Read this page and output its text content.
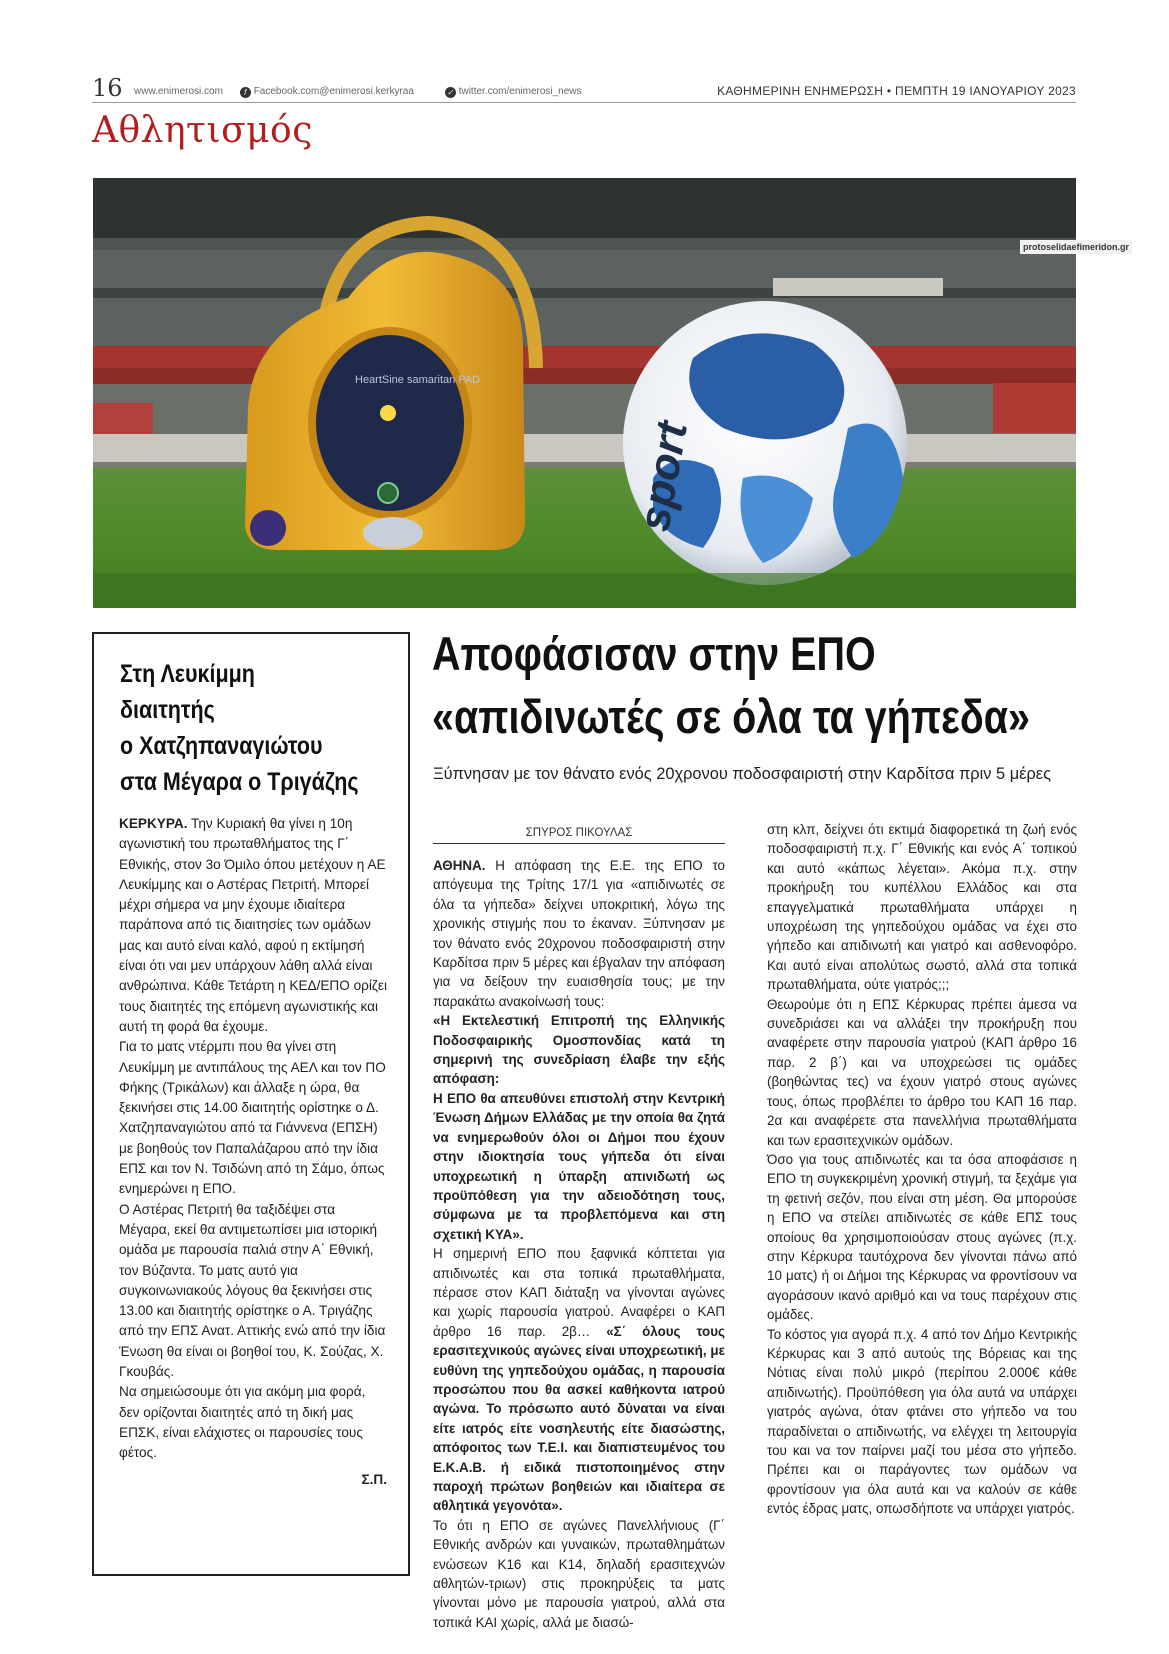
16 www.enimerosi.com	f Facebook.com@enimerosi.kerkyraa	✓ twitter.com/enimerosi_news	ΚΑΘΗΜΕΡΙΝΗ ΕΝΗΜΕΡΩΣΗ • ΠΕΜΠΤΗ 19 ΙΑΝΟΥΑΡΙΟΥ 2023
Αθλητισμός
HeartSine samaritan PAD
sport
protoselidaefimeridon.gr
Στη Λευκίμμη
διαιτητής
ο Χατζηπαναγιώτου
στα Μέγαρα ο Τριγάζης

ΚΕΡΚΥΡΑ. Την Κυριακή θα γίνει η 10η αγωνιστική του πρωταθλήματος της Γ΄ Εθνικής, στον 3ο Όμιλο όπου μετέχουν η ΑΕ Λευκίμμης και ο Αστέρας Πετριτή. Μπορεί μέχρι σήμερα να μην έχουμε ιδιαίτερα παράπονα από τις διαιτησίες των ομάδων μας και αυτό είναι καλό, αφού η εκτίμησή είναι ότι ναι μεν υπάρχουν λάθη αλλά είναι ανθρώπινα. Κάθε Τετάρτη η ΚΕΔ/ΕΠΟ ορίζει τους διαιτητές της επόμενη αγωνιστικής και αυτή τη φορά θα έχουμε.

Για το ματς ντέρμπι που θα γίνει στη Λευκίμμη με αντιπάλους της ΑΕΛ και τον ΠΟ Φήκης (Τρικάλων) και άλλαξε η ώρα, θα ξεκινήσει στις 14.00 διαιτητής ορίστηκε ο Δ. Χατζηπαναγιώτου από τα Γιάννενα (ΕΠΣΗ) με βοηθούς τον Παπαλάζαρου από την ίδια ΕΠΣ και τον Ν. Τσιδώνη από τη Σάμο, όπως ενημερώνει η ΕΠΟ.

Ο Αστέρας Πετριτή θα ταξιδέψει στα Μέγαρα, εκεί θα αντιμετωπίσει μια ιστορική ομάδα με παρουσία παλιά στην Α΄ Εθνική, τον Βύζαντα. Το ματς αυτό για συγκοινωνιακούς λόγους θα ξεκινήσει στις 13.00 και διαιτητής ορίστηκε ο Α. Τριγάζης από την ΕΠΣ Ανατ. Αττικής ενώ από την ίδια Ένωση θα είναι οι βοηθοί του, Κ. Σούζας, Χ. Γκουβάς.

Να σημειώσουμε ότι για ακόμη μια φορά, δεν ορίζονται διαιτητές από τη δική μας ΕΠΣΚ, είναι ελάχιστες οι παρουσίες τους φέτος.

Σ.Π.

Αποφάσισαν στην ΕΠΟ
«απιδινωτές σε όλα τα γήπεδα»
Ξύπνησαν με τον θάνατο ενός 20χρονου ποδοσφαιριστή στην Καρδίτσα πριν 5 μέρες
ΣΠΥΡΟΣ ΠΙΚΟΥΛΑΣ

ΑΘΗΝΑ. Η απόφαση της Ε.Ε. της ΕΠΟ το απόγευμα της Τρίτης 17/1 για «απιδινωτές σε όλα τα γήπεδα» δείχνει υποκριτική, λόγω της χρονικής στιγμής που το έκαναν. Ξύπνησαν με τον θάνατο ενός 20χρονου ποδοσφαιριστή στην Καρδίτσα πριν 5 μέρες και έβγαλαν την απόφαση για να δείξουν την ευαισθησία τους; με την παρακάτω ανακοίνωσή τους:

«Η Εκτελεστική Επιτροπή της Ελληνικής Ποδοσφαιρικής Ομοσπονδίας κατά τη σημερινή της συνεδρίαση έλαβε την εξής απόφαση:

Η ΕΠΟ θα απευθύνει επιστολή στην Κεντρική Ένωση Δήμων Ελλάδας με την οποία θα ζητά να ενημερωθούν όλοι οι Δήμοι που έχουν στην ιδιοκτησία τους γήπεδα ότι είναι υποχρεωτική η ύπαρξη απινιδωτή ως προϋπόθεση για την αδειοδότηση τους, σύμφωνα με τα προβλεπόμενα και στη σχετική ΚΥΑ».

Η σημερινή ΕΠΟ που ξαφνικά κόπτεται για απιδινωτές και στα τοπικά πρωταθλήματα, πέρασε στον ΚΑΠ διάταξη να γίνονται αγώνες και χωρίς παρουσία γιατρού. Αναφέρει ο ΚΑΠ άρθρο 16 παρ. 2β… «Σ΄ όλους τους ερασιτεχνικούς αγώνες είναι υποχρεωτική, με ευθύνη της γηπεδούχου ομάδας, η παρουσία προσώπου που θα ασκεί καθήκοντα ιατρού αγώνα. Το πρόσωπο αυτό δύναται να είναι είτε ιατρός είτε νοσηλευτής είτε διασώστης, απόφοιτος των Τ.Ε.Ι. και διαπιστευμένος του Ε.Κ.Α.Β. ή ειδικά πιστοποιημένος στην παροχή πρώτων βοηθειών και ιδιαίτερα σε αθλητικά γεγονότα».

Το ότι η ΕΠΟ σε αγώνες Πανελλήνιους (Γ΄ Εθνικής ανδρών και γυναικών, πρωταθλημάτων ενώσεων Κ16 και Κ14, δηλαδή ερασιτεχνών αθλητών-τριων) στις προκηρύξεις τα ματς γίνονται μόνο με παρουσία γιατρού, αλλά στα τοπικά ΚΑΙ χωρίς, αλλά με διασώ-

στη κλπ, δείχνει ότι εκτιμά διαφορετικά τη ζωή ενός ποδοσφαιριστή π.χ. Γ΄ Εθνικής και ενός Α΄ τοπικού και αυτό «κάπως λέγεται». Ακόμα π.χ. στην προκήρυξη του κυπέλλου Ελλάδος και στα επαγγελματικά πρωταθλήματα υπάρχει η υποχρέωση της γηπεδούχου ομάδας να έχει στο γήπεδο και απιδινωτή και γιατρό και ασθενοφόρο. Και αυτό είναι απολύτως σωστό, αλλά στα τοπικά πρωταθλήματα, ούτε γιατρός;;;

Θεωρούμε ότι η ΕΠΣ Κέρκυρας πρέπει άμεσα να συνεδριάσει και να αλλάξει την προκήρυξη που αναφέρετε στην παρουσία γιατρού (ΚΑΠ άρθρο 16 παρ. 2 β΄) και να υποχρεώσει τις ομάδες (βοηθώντας τες) να έχουν γιατρό στους αγώνες τους, όπως προβλέπει το άρθρο του ΚΑΠ 16 παρ. 2α και αναφέρετε στα πανελλήνια πρωταθλήματα και των ερασιτεχνικών ομάδων.

Όσο για τους απιδινωτές και τα όσα αποφάσισε η ΕΠΟ τη συγκεκριμένη χρονική στιγμή, τα ξεχάμε για τη φετινή σεζόν, που είναι στη μέση. Θα μπορούσε η ΕΠΟ να στείλει απιδινωτές σε κάθε ΕΠΣ τους οποίους θα χρησιμοποιούσαν στους αγώνες (π.χ. στην Κέρκυρα ταυτόχρονα δεν γίνονται πάνω από 10 ματς) ή οι Δήμοι της Κέρκυρας να φροντίσουν να αγοράσουν ικανό αριθμό και να τους παρέχουν στις ομάδες.

Το κόστος για αγορά π.χ. 4 από τον Δήμο Κεντρικής Κέρκυρας και 3 από αυτούς της Βόρειας και της Νότιας είναι πολύ μικρό (περίπου 2.000€ κάθε απιδινωτής). Προϋπόθεση για όλα αυτά να υπάρχει γιατρός αγώνα, όταν φτάνει στο γήπεδο να του παραδίνεται ο απιδινωτής, να ελέγχει τη λειτουργία του και να τον παίρνει μαζί του μέσα στο γήπεδο. Πρέπει και οι παράγοντες των ομάδων να φροντίσουν για όλα αυτά και να καλούν σε κάθε εντός έδρας ματς, οπωσδήποτε να υπάρχει γιατρός.
